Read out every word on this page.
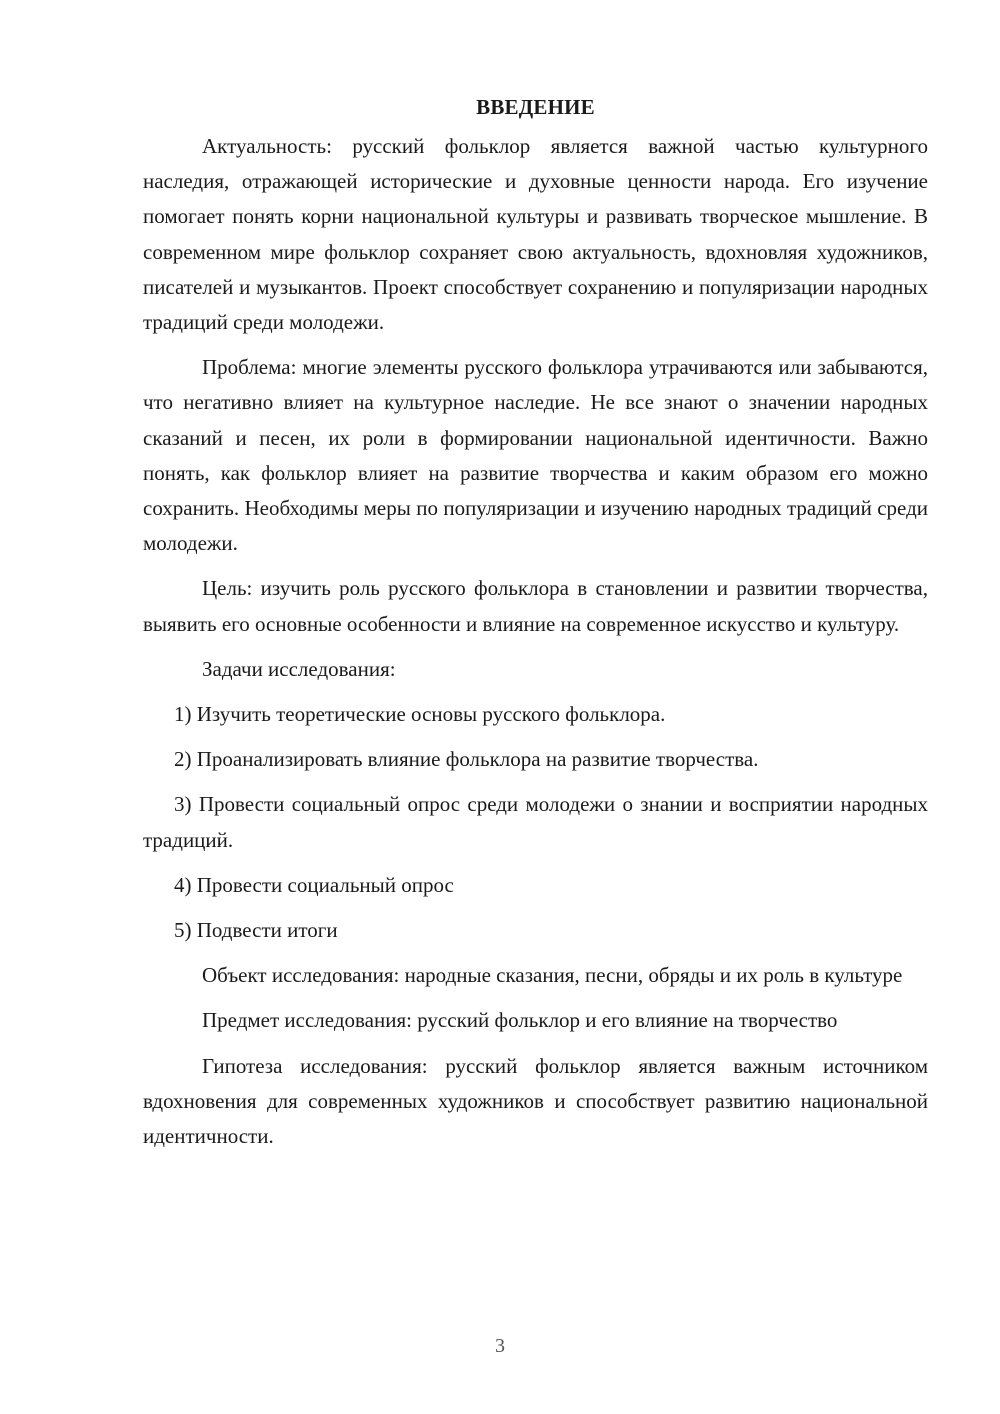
ВВЕДЕНИЕ

Актуальность: русский фольклор является важной частью культурного наследия, отражающей исторические и духовные ценности народа. Его изучение помогает понять корни национальной культуры и развивать творческое мышление. В современном мире фольклор сохраняет свою актуальность, вдохновляя художников, писателей и музыкантов. Проект способствует сохранению и популяризации народных традиций среди молодежи.

Проблема: многие элементы русского фольклора утрачиваются или забываются, что негативно влияет на культурное наследие. Не все знают о значении народных сказаний и песен, их роли в формировании национальной идентичности. Важно понять, как фольклор влияет на развитие творчества и каким образом его можно сохранить. Необходимы меры по популяризации и изучению народных традиций среди молодежи.

Цель: изучить роль русского фольклора в становлении и развитии творчества, выявить его основные особенности и влияние на современное искусство и культуру.

Задачи исследования:

1) Изучить теоретические основы русского фольклора.

2) Проанализировать влияние фольклора на развитие творчества.

3) Провести социальный опрос среди молодежи о знании и восприятии народных традиций.

4) Провести социальный опрос

5) Подвести итоги

Объект исследования: народные сказания, песни, обряды и их роль в культуре

Предмет исследования: русский фольклор и его влияние на творчество

Гипотеза исследования: русский фольклор является важным источником вдохновения для современных художников и способствует развитию национальной идентичности.

3
